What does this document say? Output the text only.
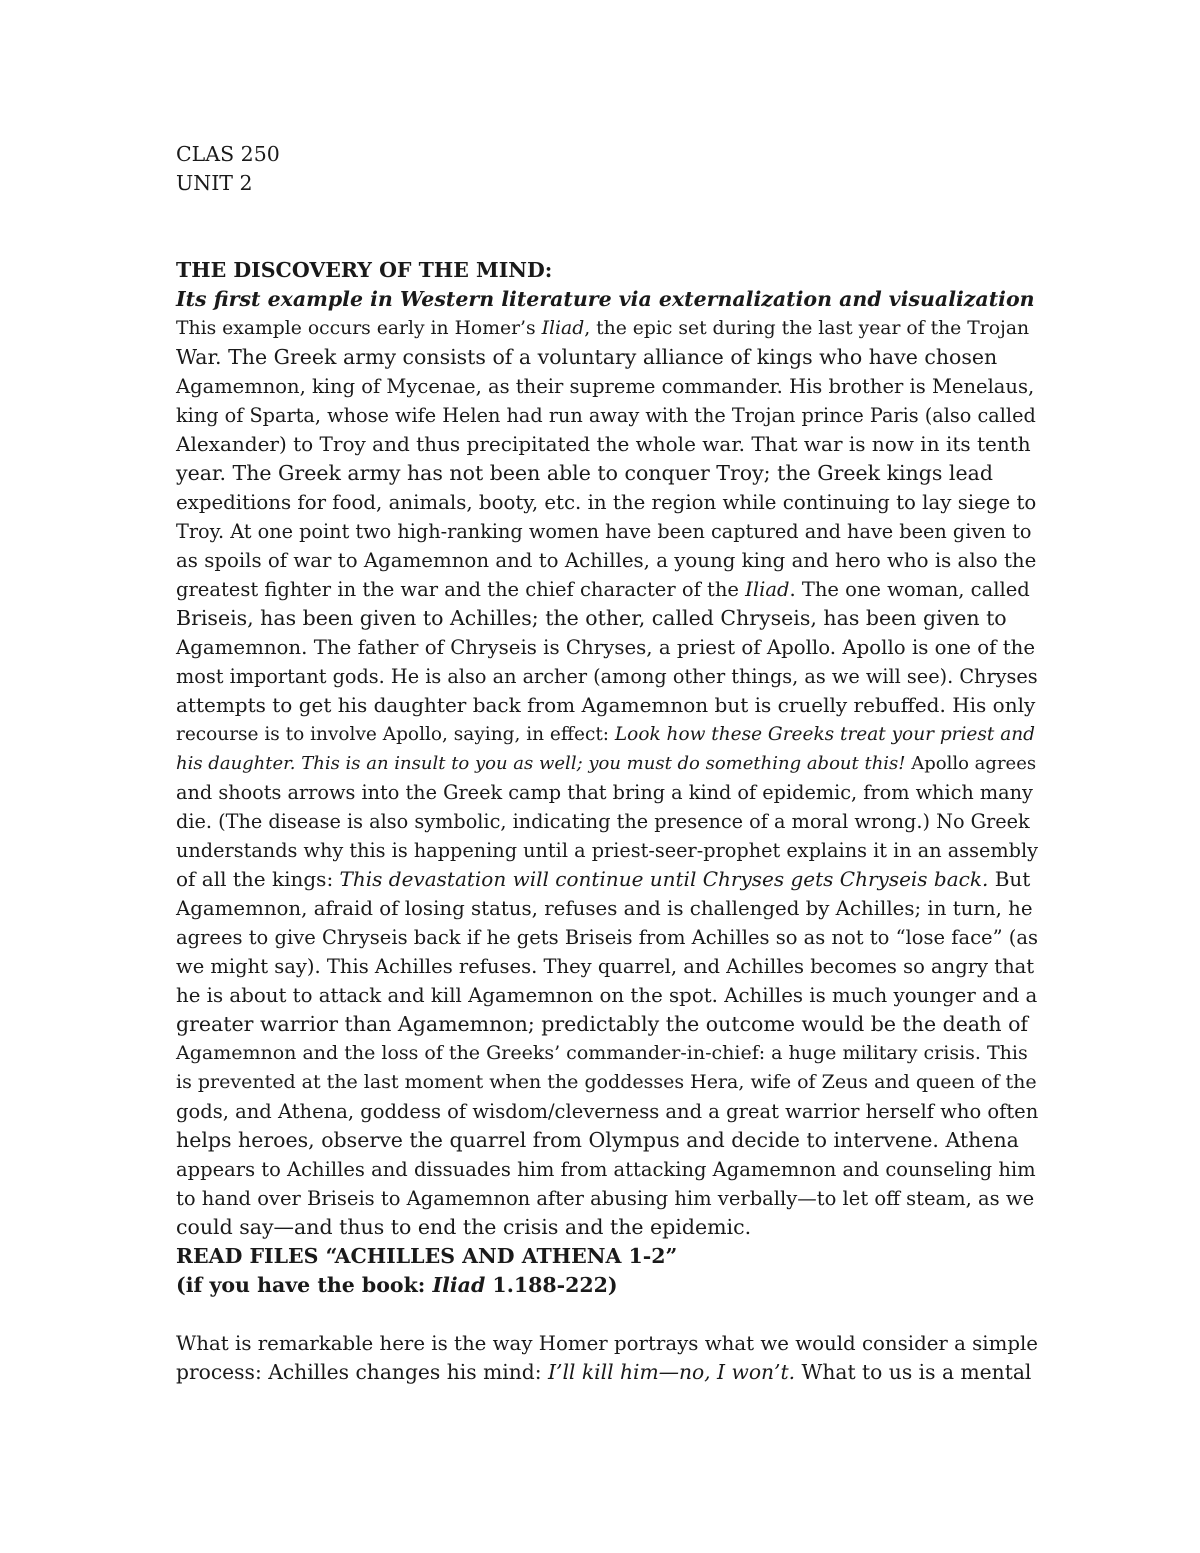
CLAS 250
UNIT 2
THE DISCOVERY OF THE MIND:
Its first example in Western literature via externalization and visualization
This example occurs early in Homer’s Iliad, the epic set during the last year of the Trojan
War. The Greek army consists of a voluntary alliance of kings who have chosen
Agamemnon, king of Mycenae, as their supreme commander. His brother is Menelaus,
king of Sparta, whose wife Helen had run away with the Trojan prince Paris (also called
Alexander) to Troy and thus precipitated the whole war. That war is now in its tenth
year. The Greek army has not been able to conquer Troy; the Greek kings lead
expeditions for food, animals, booty, etc. in the region while continuing to lay siege to
Troy. At one point two high-ranking women have been captured and have been given to
as spoils of war to Agamemnon and to Achilles, a young king and hero who is also the
greatest fighter in the war and the chief character of the Iliad. The one woman, called
Briseis, has been given to Achilles; the other, called Chryseis, has been given to
Agamemnon. The father of Chryseis is Chryses, a priest of Apollo. Apollo is one of the
most important gods. He is also an archer (among other things, as we will see). Chryses
attempts to get his daughter back from Agamemnon but is cruelly rebuffed. His only
recourse is to involve Apollo, saying, in effect: Look how these Greeks treat your priest and
his daughter. This is an insult to you as well; you must do something about this! Apollo agrees
and shoots arrows into the Greek camp that bring a kind of epidemic, from which many
die. (The disease is also symbolic, indicating the presence of a moral wrong.) No Greek
understands why this is happening until a priest-seer-prophet explains it in an assembly
of all the kings: This devastation will continue until Chryses gets Chryseis back. But
Agamemnon, afraid of losing status, refuses and is challenged by Achilles; in turn, he
agrees to give Chryseis back if he gets Briseis from Achilles so as not to “lose face” (as
we might say). This Achilles refuses. They quarrel, and Achilles becomes so angry that
he is about to attack and kill Agamemnon on the spot. Achilles is much younger and a
greater warrior than Agamemnon; predictably the outcome would be the death of
Agamemnon and the loss of the Greeks’ commander-in-chief: a huge military crisis. This
is prevented at the last moment when the goddesses Hera, wife of Zeus and queen of the
gods, and Athena, goddess of wisdom/cleverness and a great warrior herself who often
helps heroes, observe the quarrel from Olympus and decide to intervene. Athena
appears to Achilles and dissuades him from attacking Agamemnon and counseling him
to hand over Briseis to Agamemnon after abusing him verbally—to let off steam, as we
could say—and thus to end the crisis and the epidemic.
READ FILES “ACHILLES AND ATHENA 1-2”
(if you have the book: Iliad 1.188-222)
What is remarkable here is the way Homer portrays what we would consider a simple
process: Achilles changes his mind: I’ll kill him—no, I won’t. What to us is a mental
